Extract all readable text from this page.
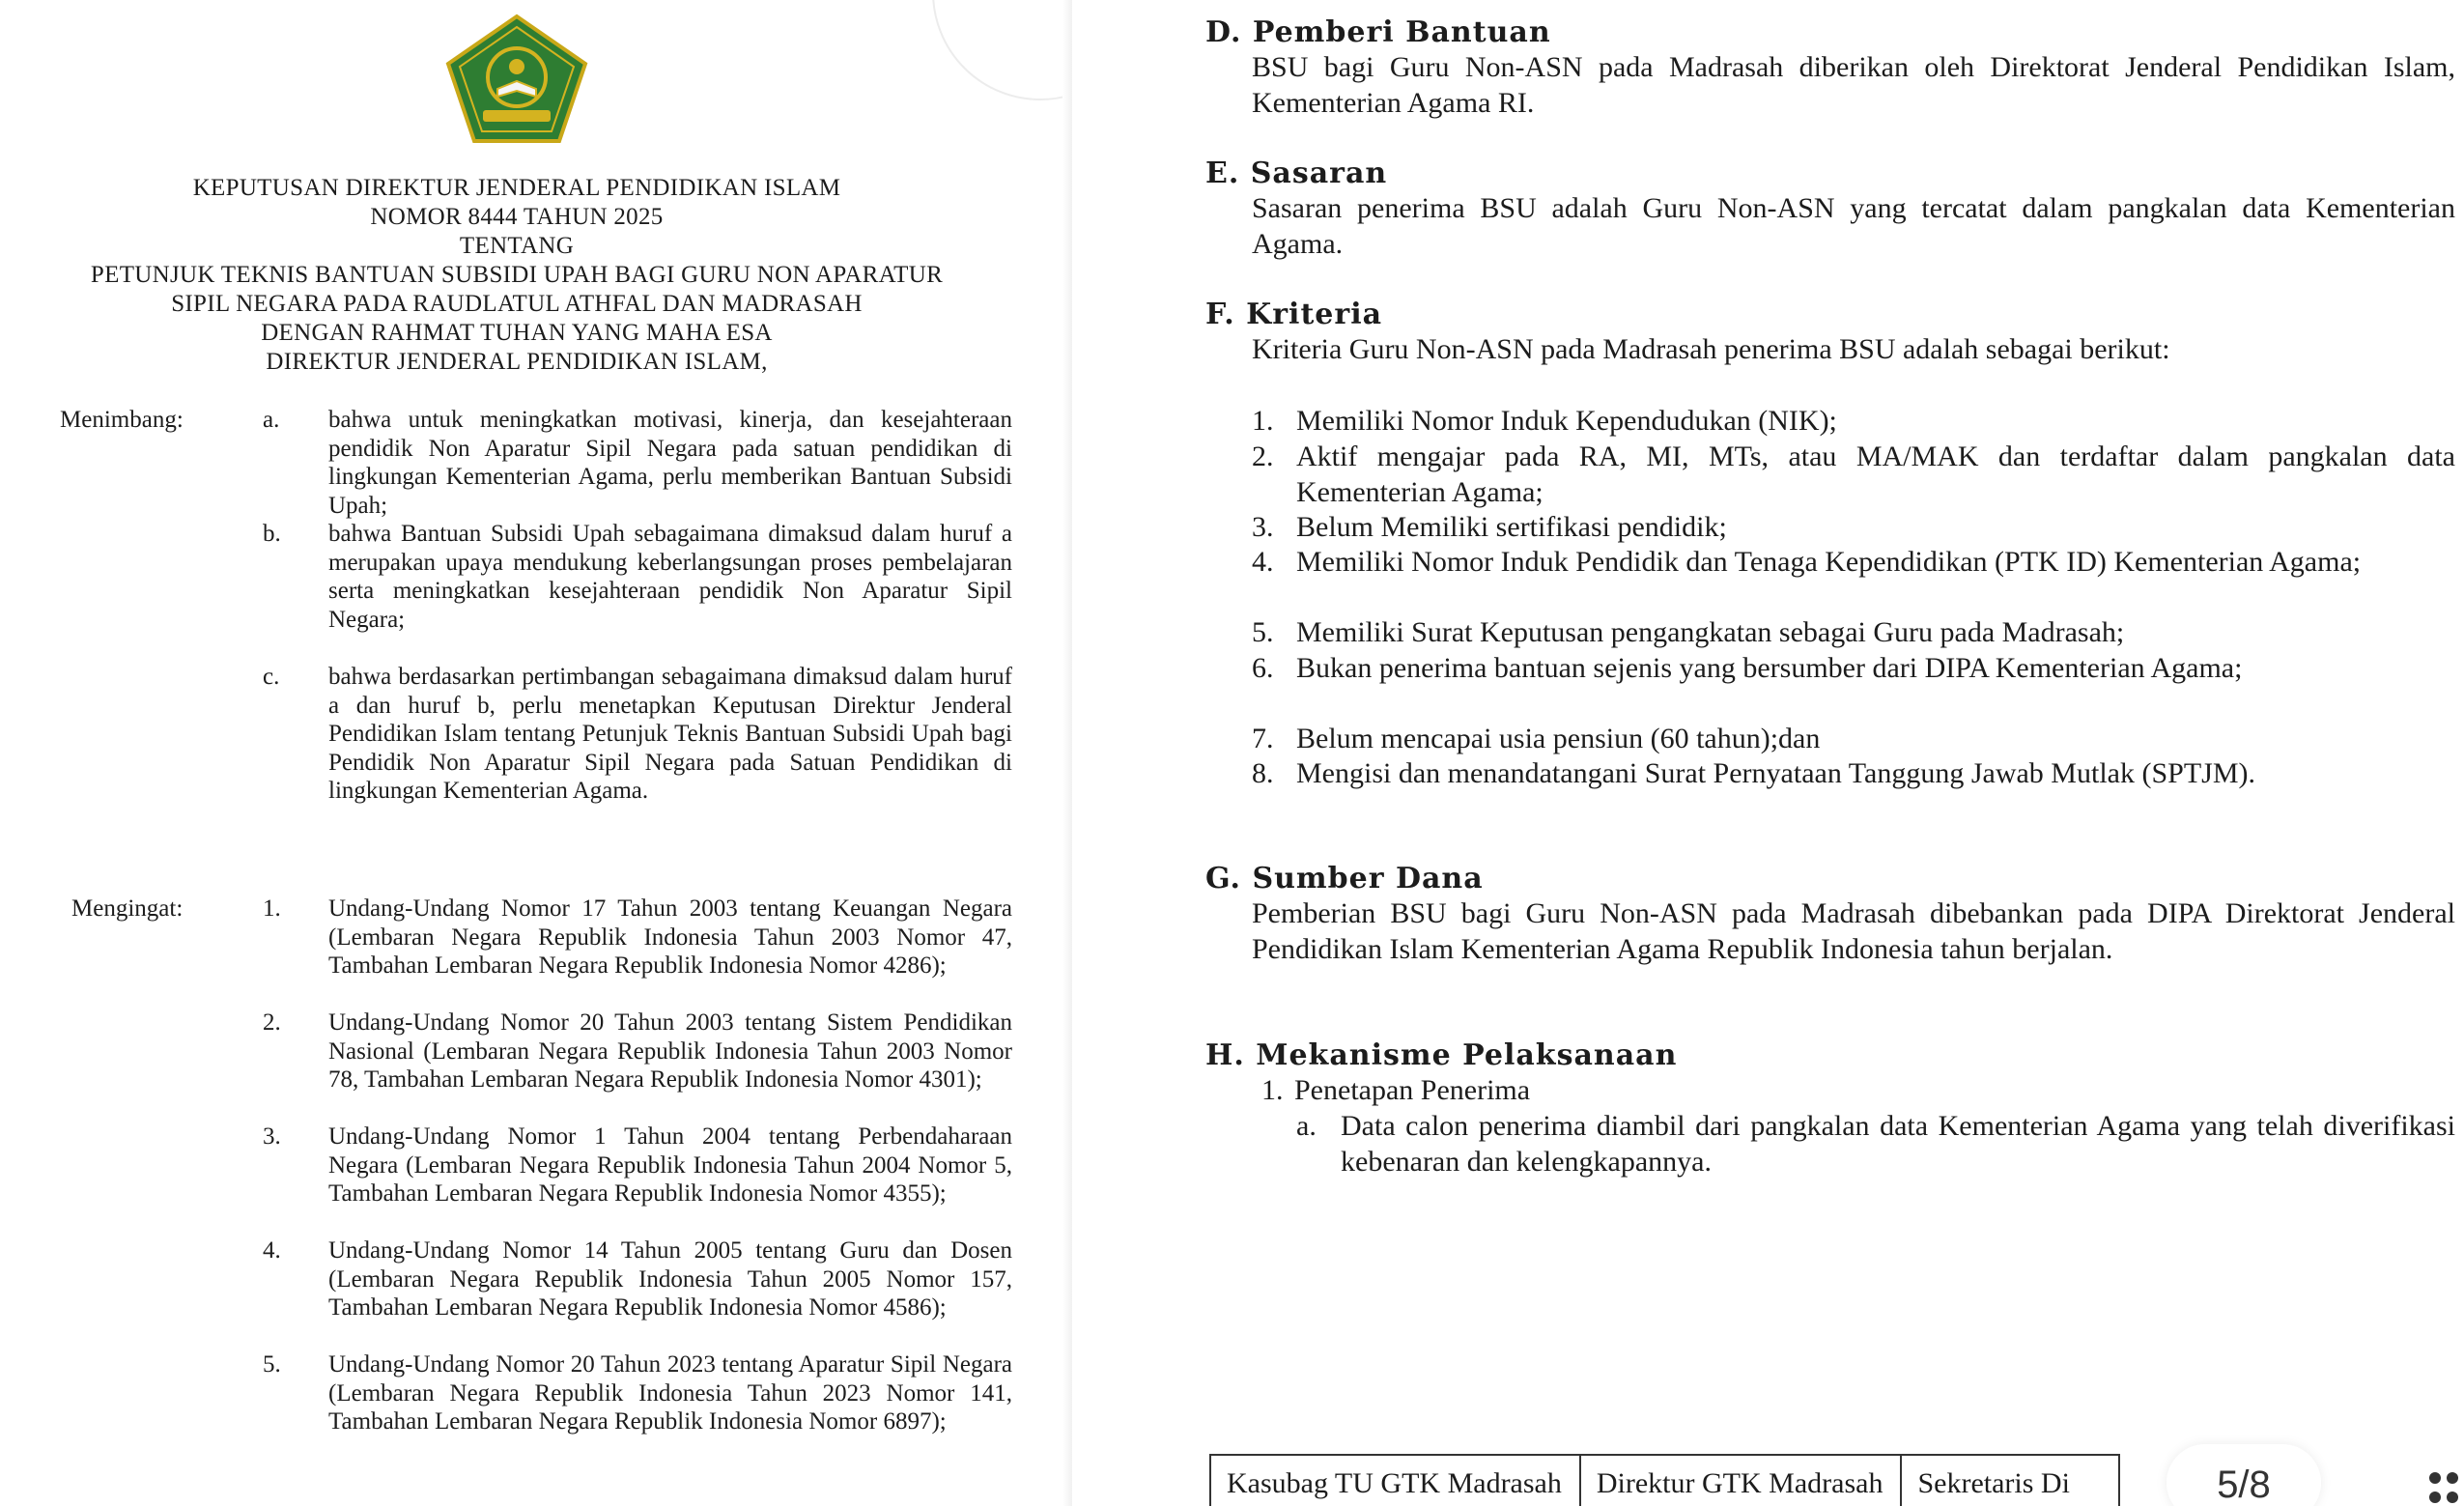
KEPUTUSAN DIREKTUR JENDERAL PENDIDIKAN ISLAM
NOMOR 8444 TAHUN 2025
TENTANG
PETUNJUK TEKNIS BANTUAN SUBSIDI UPAH BAGI GURU NON APARATUR
SIPIL NEGARA PADA RAUDLATUL ATHFAL DAN MADRASAH
DENGAN RAHMAT TUHAN YANG MAHA ESA
DIREKTUR JENDERAL PENDIDIKAN ISLAM,
Menimbang:	a. bahwa untuk meningkatkan motivasi, kinerja, dan kesejahteraan pendidik Non Aparatur Sipil Negara pada satuan pendidikan di lingkungan Kementerian Agama, perlu memberikan Bantuan Subsidi Upah;
b. bahwa Bantuan Subsidi Upah sebagaimana dimaksud dalam huruf a merupakan upaya mendukung keberlangsungan proses pembelajaran serta meningkatkan kesejahteraan pendidik Non Aparatur Sipil Negara;
c. bahwa berdasarkan pertimbangan sebagaimana dimaksud dalam huruf a dan huruf b, perlu menetapkan Keputusan Direktur Jenderal Pendidikan Islam tentang Petunjuk Teknis Bantuan Subsidi Upah bagi Pendidik Non Aparatur Sipil Negara pada Satuan Pendidikan di lingkungan Kementerian Agama.
Mengingat:	1. Undang-Undang Nomor 17 Tahun 2003 tentang Keuangan Negara (Lembaran Negara Republik Indonesia Tahun 2003 Nomor 47, Tambahan Lembaran Negara Republik Indonesia Nomor 4286);
2. Undang-Undang Nomor 20 Tahun 2003 tentang Sistem Pendidikan Nasional (Lembaran Negara Republik Indonesia Tahun 2003 Nomor 78, Tambahan Lembaran Negara Republik Indonesia Nomor 4301);
3. Undang-Undang Nomor 1 Tahun 2004 tentang Perbendaharaan Negara (Lembaran Negara Republik Indonesia Tahun 2004 Nomor 5, Tambahan Lembaran Negara Republik Indonesia Nomor 4355);
4. Undang-Undang Nomor 14 Tahun 2005 tentang Guru dan Dosen (Lembaran Negara Republik Indonesia Tahun 2005 Nomor 157, Tambahan Lembaran Negara Republik Indonesia Nomor 4586);
5. Undang-Undang Nomor 20 Tahun 2023 tentang Aparatur Sipil Negara (Lembaran Negara Republik Indonesia Tahun 2023 Nomor 141, Tambahan Lembaran Negara Republik Indonesia Nomor 6897);
D. Pemberi Bantuan
BSU bagi Guru Non-ASN pada Madrasah diberikan oleh Direktorat Jenderal Pendidikan Islam, Kementerian Agama RI.
E. Sasaran
Sasaran penerima BSU adalah Guru Non-ASN yang tercatat dalam pangkalan data Kementerian Agama.
F. Kriteria
Kriteria Guru Non-ASN pada Madrasah penerima BSU adalah sebagai berikut:
1. Memiliki Nomor Induk Kependudukan (NIK);
2. Aktif mengajar pada RA, MI, MTs, atau MA/MAK dan terdaftar dalam pangkalan data Kementerian Agama;
3. Belum Memiliki sertifikasi pendidik;
4. Memiliki Nomor Induk Pendidik dan Tenaga Kependidikan (PTK ID) Kementerian Agama;
5. Memiliki Surat Keputusan pengangkatan sebagai Guru pada Madrasah;
6. Bukan penerima bantuan sejenis yang bersumber dari DIPA Kementerian Agama;
7. Belum mencapai usia pensiun (60 tahun);dan
8. Mengisi dan menandatangani Surat Pernyataan Tanggung Jawab Mutlak (SPTJM).
G. Sumber Dana
Pemberian BSU bagi Guru Non-ASN pada Madrasah dibebankan pada DIPA Direktorat Jenderal Pendidikan Islam Kementerian Agama Republik Indonesia tahun berjalan.
H. Mekanisme Pelaksanaan
1. Penetapan Penerima
a. Data calon penerima diambil dari pangkalan data Kementerian Agama yang telah diverifikasi kebenaran dan kelengkapannya.
Kasubag TU GTK Madrasah	Direktur GTK Madrasah	Sekretaris Di	5/8
